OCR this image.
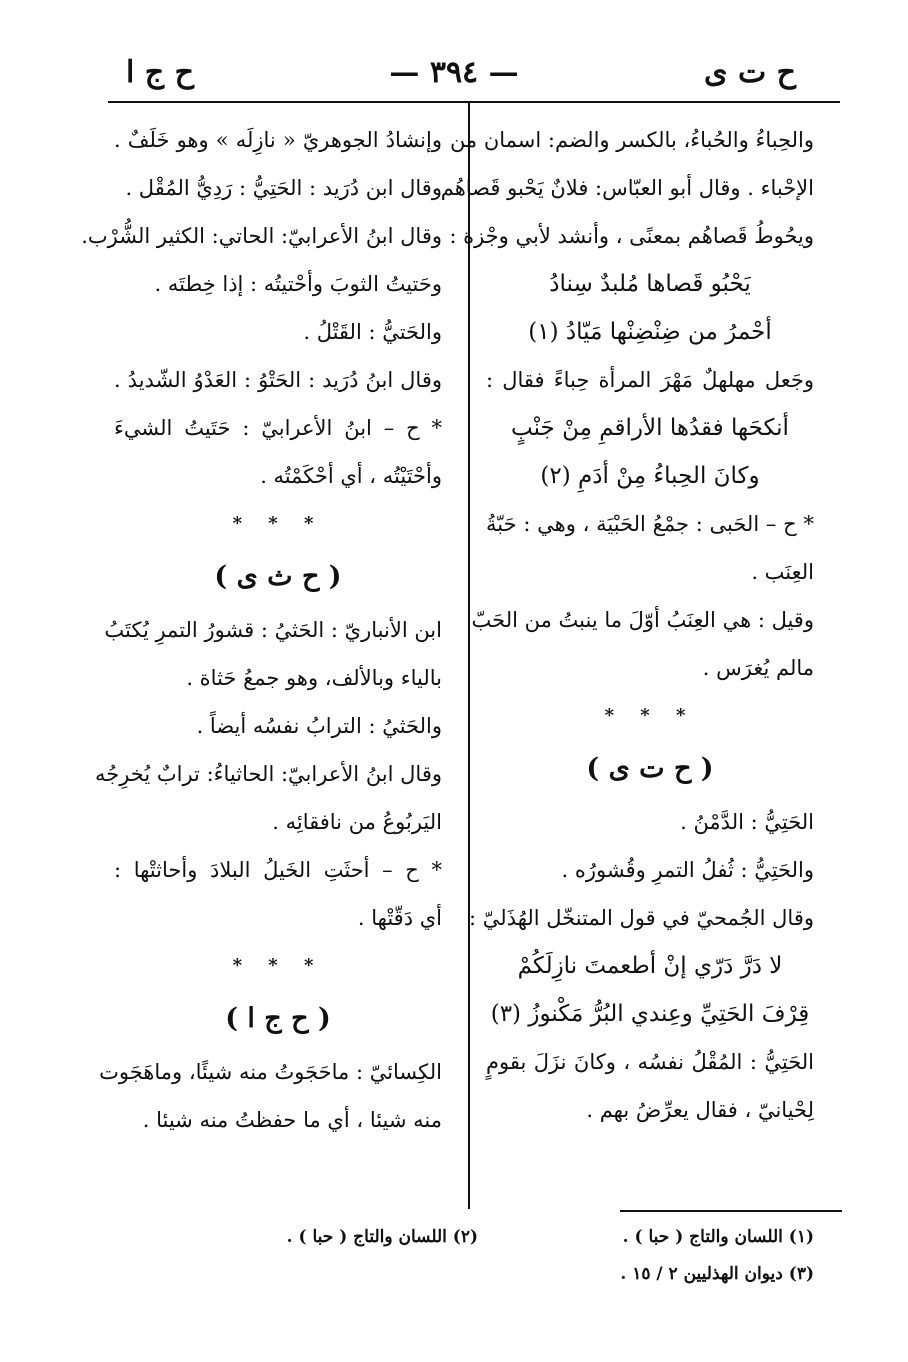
ح ت ى
— ٣٩٤ —
ح ج ا
والحِباءُ والحُباءُ، بالكسر والضم: اسمان من
الإحْباء . وقال أبو العبّاس: فلانٌ يَحْبو قَصاهُم
ويحُوطُ قَصاهُم بمعنًى ، وأنشد لأبي وجْزة :
يَحْبُو قَصاها مُلبدٌ سِنادُ
أحْمرُ من ضِنْضِنْها مَيّادُ (١)
وجَعل مهلهلٌ مَهْرَ المرأة حِباءً فقال :
أنكحَها فقدُها الأراقمِ مِنْ جَنْبٍ
وكانَ الحِباءُ مِنْ أدَمِ (٢)
* ح – الحَبى : جمْعُ الحَبْيَة ، وهي : حَبّةُ
العِنَب .
وقيل : هي العِنَبُ أوّلَ ما ينبتُ من الحَبّ
مالم يُغرَس .
* * *
( ح ت ى )
الحَتِيُّ : الدَّمْنُ .
والحَتِيُّ : ثُفلُ التمرِ وقُشورُه .
وقال الجُمحيّ في قول المتنخّل الهُذَليّ :
لا دَرَّ دَرّي إنْ أطعمتَ نازِلَكُمْ
قِرْفَ الحَتِيِّ وعِندي البُرُّ مَكْنوزُ (٣)
الحَتِيُّ : المُقْلُ نفسُه ، وكانَ نزَلَ بقومٍ
لِحْيانيّ ، فقال يعرِّضُ بهم .
وإنشادُ الجوهريّ « نازِلَه » وهو خَلَفٌ .
وقال ابن دُرَيد : الحَتِيُّ : رَدِيُّ المُقْل .
وقال ابنُ الأعرابيّ: الحاتي: الكثير الشُّرْب.
وحَتيتُ الثوبَ وأحْتيتُه : إذا خِطتَه .
والحَتيُّ : القَتْلُ .
وقال ابنُ دُرَيد : الحَتْوُ : العَدْوُ الشّديدُ .
* ح – ابنُ الأعرابيّ : حَتَيتُ الشيءَ
وأحْتَيْتُه ، أي أحْكَمْتُه .
* * *
( ح ث ى )
ابن الأنباريّ : الحَثيُ : قشورُ التمرِ يُكتَبُ
بالياء وبالألف، وهو جمعُ حَثاة .
والحَثيُ : الترابُ نفسُه أيضاً .
وقال ابنُ الأعرابيّ: الحاثياءُ: ترابٌ يُخرِجُه
اليَربُوعُ من نافقائِه .
* ح – أحثَتِ الخَيلُ البلادَ وأحاثتْها :
أي دَقّتْها .
* * *
( ح ج ا )
الكِسائيّ : ماحَجَوتُ منه شيئًا، وماهَجَوت
منه شيئا ، أي ما حفظتُ منه شيئا .
(١) اللسان والتاج ( حبا ) .
(٣) ديوان الهذليين ٢ / ١٥ .
(٢) اللسان والتاج ( حبا ) .
